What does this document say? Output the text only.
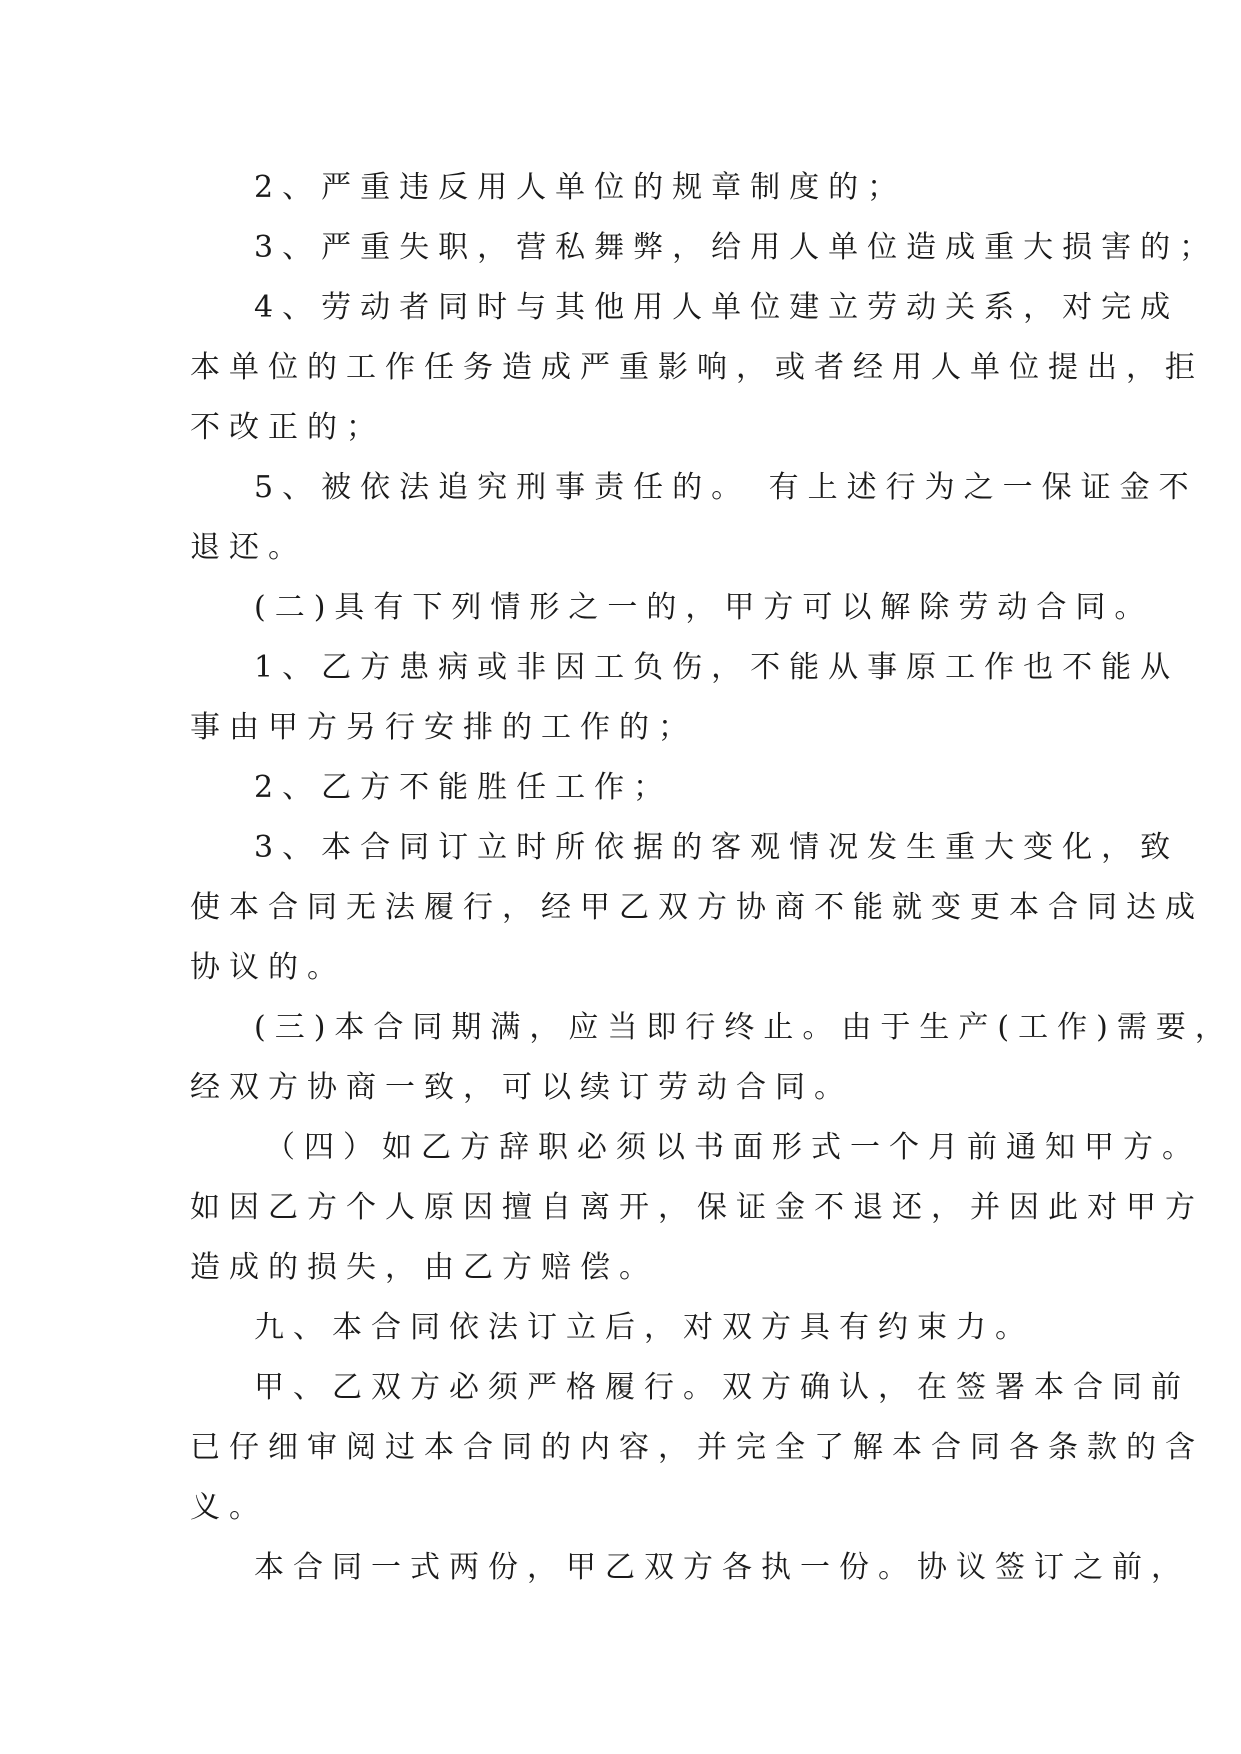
2、严重违反用人单位的规章制度的；
3、严重失职，营私舞弊，给用人单位造成重大损害的；
4、劳动者同时与其他用人单位建立劳动关系，对完成
本单位的工作任务造成严重影响，或者经用人单位提出，拒
不改正的；
5、被依法追究刑事责任的。 有上述行为之一保证金不
退还。
(二)具有下列情形之一的，甲方可以解除劳动合同。
1、乙方患病或非因工负伤，不能从事原工作也不能从
事由甲方另行安排的工作的；
2、乙方不能胜任工作；
3、本合同订立时所依据的客观情况发生重大变化，致
使本合同无法履行，经甲乙双方协商不能就变更本合同达成
协议的。
(三)本合同期满，应当即行终止。由于生产(工作)需要，
经双方协商一致，可以续订劳动合同。
（四）如乙方辞职必须以书面形式一个月前通知甲方。
如因乙方个人原因擅自离开，保证金不退还，并因此对甲方
造成的损失，由乙方赔偿。
九、本合同依法订立后，对双方具有约束力。
甲、乙双方必须严格履行。双方确认，在签署本合同前
已仔细审阅过本合同的内容，并完全了解本合同各条款的含
义。
本合同一式两份，甲乙双方各执一份。协议签订之前，
